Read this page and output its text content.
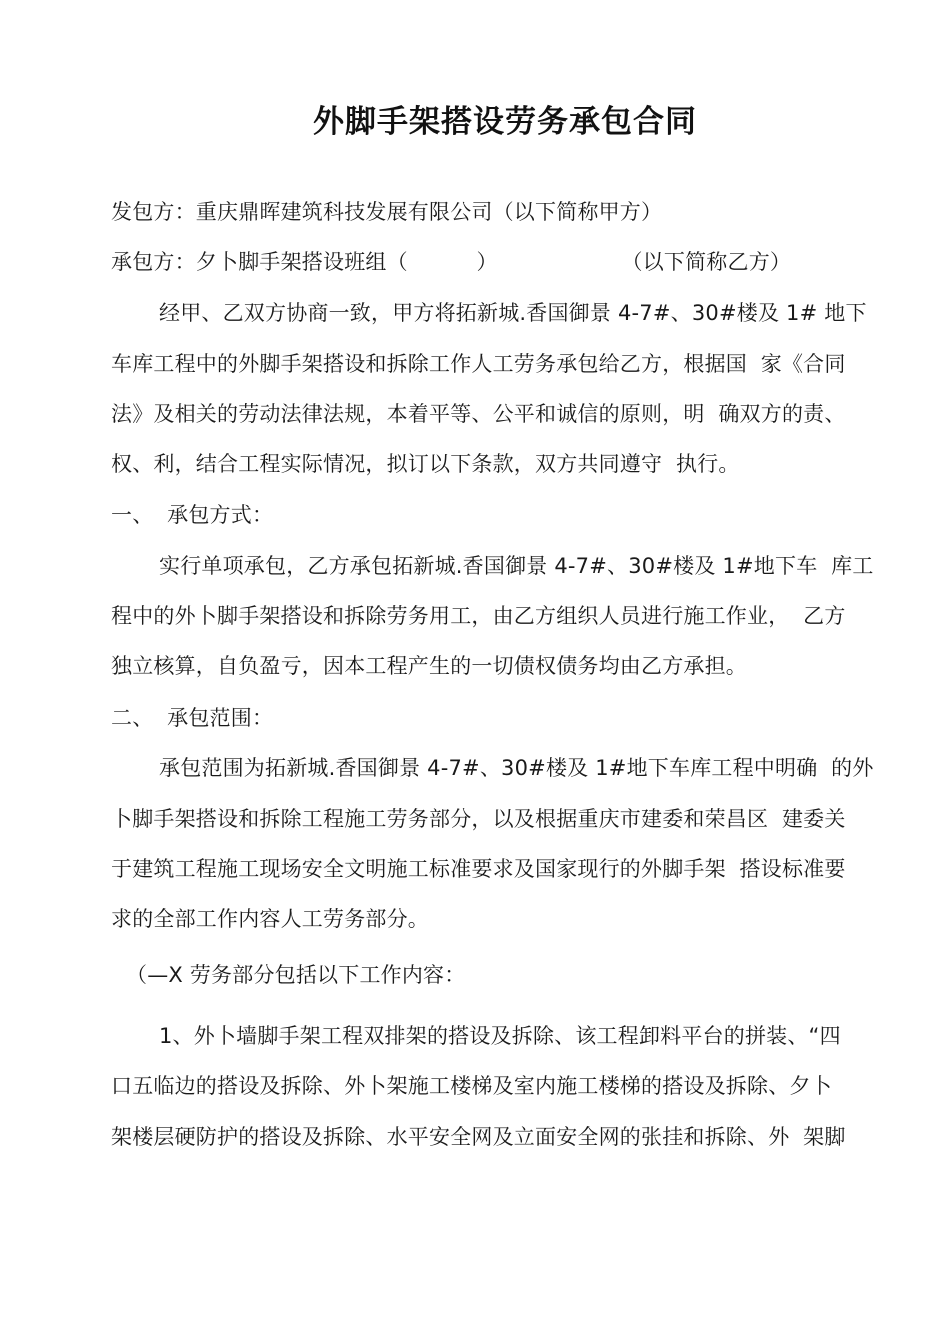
外脚手架搭设劳务承包合同
发包方：重庆鼎晖建筑科技发展有限公司（以下简称甲方）
承包方：夕卜脚手架搭设班组（          ）                  （以下简称乙方）
经甲、乙双方协商一致，甲方将拓新城.香国御景 4-7#、30#楼及 1# 地下
车库工程中的外脚手架搭设和拆除工作人工劳务承包给乙方，根据国  家《合同
法》及相关的劳动法律法规，本着平等、公平和诚信的原则，明  确双方的责、
权、利，结合工程实际情况，拟订以下条款，双方共同遵守  执行。
一、  承包方式：
实行单项承包，乙方承包拓新城.香国御景 4-7#、30#楼及 1#地下车  库工
程中的外卜脚手架搭设和拆除劳务用工，由乙方组织人员进行施工作业，  乙方
独立核算，自负盈亏，因本工程产生的一切债权债务均由乙方承担。
二、  承包范围：
承包范围为拓新城.香国御景 4-7#、30#楼及 1#地下车库工程中明确  的外
卜脚手架搭设和拆除工程施工劳务部分，以及根据重庆市建委和荣昌区  建委关
于建筑工程施工现场安全文明施工标准要求及国家现行的外脚手架  搭设标准要
求的全部工作内容人工劳务部分。
（—X 劳务部分包括以下工作内容：
1、外卜墙脚手架工程双排架的搭设及拆除、该工程卸料平台的拼装、“四
口五临边的搭设及拆除、外卜架施工楼梯及室内施工楼梯的搭设及拆除、夕卜
架楼层硬防护的搭设及拆除、水平安全网及立面安全网的张挂和拆除、外  架脚
